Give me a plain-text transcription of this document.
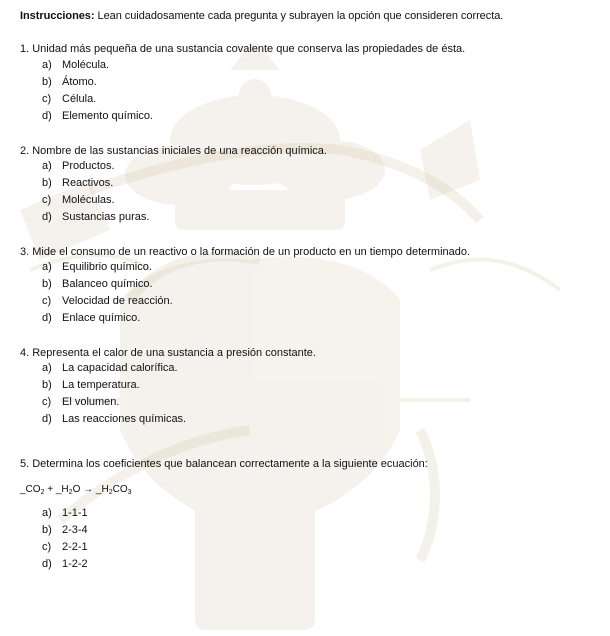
Instrucciones: Lean cuidadosamente cada pregunta y subrayen la opción que consideren correcta.
1. Unidad más pequeña de una sustancia covalente que conserva las propiedades de ésta.
a) Molécula.
b) Átomo.
c) Célula.
d) Elemento químico.
2. Nombre de las sustancias iniciales de una reacción química.
a) Productos.
b) Reactivos.
c) Moléculas.
d) Sustancias puras.
3. Mide el consumo de un reactivo o la formación de un producto en un tiempo determinado.
a) Equilibrio químico.
b) Balanceo químico.
c) Velocidad de reacción.
d) Enlace químico.
4. Representa el calor de una sustancia a presión constante.
a) La capacidad calorífica.
b) La temperatura.
c) El volumen.
d) Las reacciones químicas.
5. Determina los coeficientes que balancean correctamente a la siguiente ecuación:
$\_CO_2$ + $\_H_2O$ → $\_H_2CO_3$
a) 1-1-1
b) 2-3-4
c) 2-2-1
d) 1-2-2
